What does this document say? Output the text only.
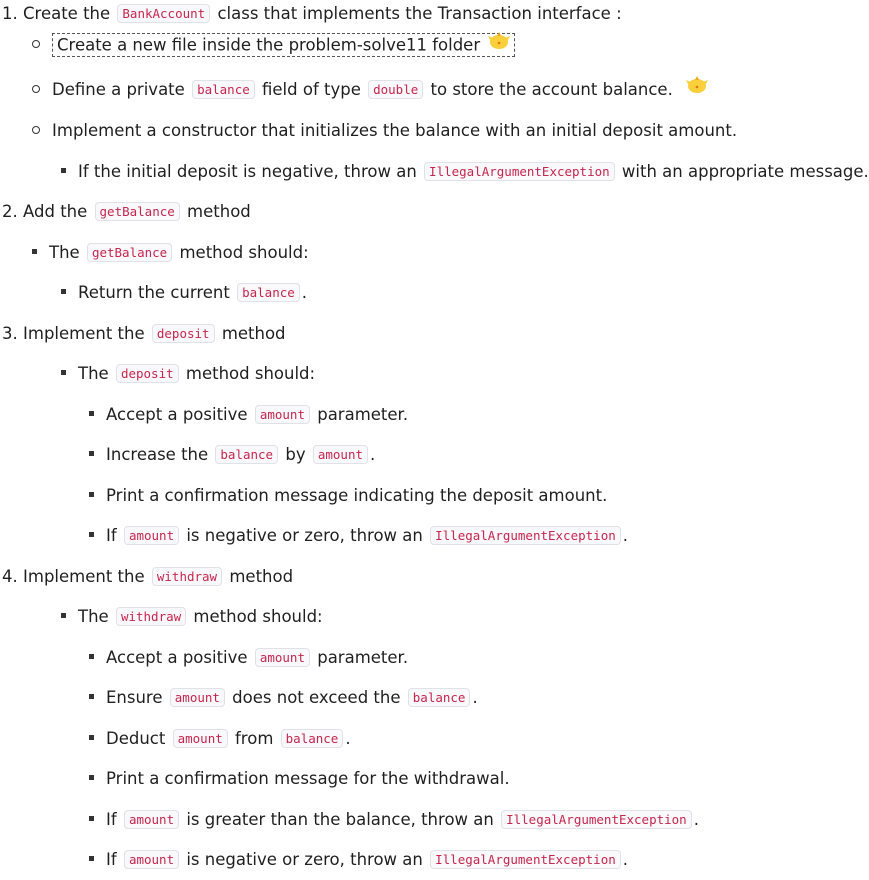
1. Create the BankAccount class that implements the Transaction interface :
Create a new file inside the problem-solve11 folder
Define a private balance field of type double to store the account balance.
Implement a constructor that initializes the balance with an initial deposit amount.
If the initial deposit is negative, throw an IllegalArgumentException with an appropriate message.
2. Add the getBalance method
The getBalance method should:
Return the current balance .
3. Implement the deposit method
The deposit method should:
Accept a positive amount parameter.
Increase the balance by amount .
Print a confirmation message indicating the deposit amount.
If amount is negative or zero, throw an IllegalArgumentException .
4. Implement the withdraw method
The withdraw method should:
Accept a positive amount parameter.
Ensure amount does not exceed the balance .
Deduct amount from balance .
Print a confirmation message for the withdrawal.
If amount is greater than the balance, throw an IllegalArgumentException .
If amount is negative or zero, throw an IllegalArgumentException .
